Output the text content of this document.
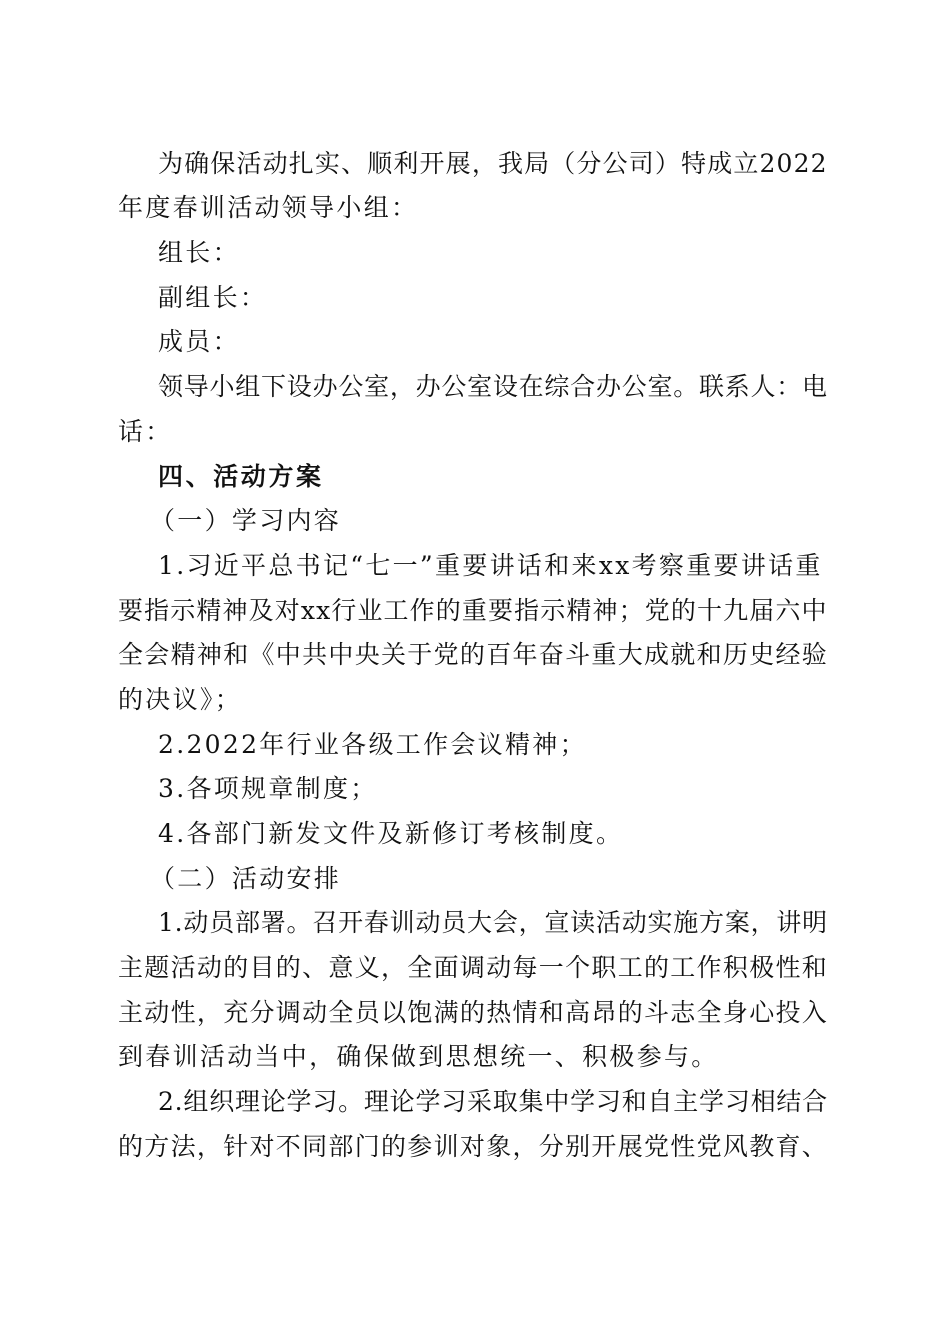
为确保活动扎实、顺利开展，我局（分公司）特成立2022
年度春训活动领导小组：
组长：
副组长：
成员：
领导小组下设办公室，办公室设在综合办公室。联系人：电
话：
四、活动方案
（一）学习内容
1.习近平总书记“七一”重要讲话和来xx考察重要讲话重
要指示精神及对xx行业工作的重要指示精神；党的十九届六中
全会精神和《中共中央关于党的百年奋斗重大成就和历史经验
的决议》；
2.2022年行业各级工作会议精神；
3.各项规章制度；
4.各部门新发文件及新修订考核制度。
（二）活动安排
1.动员部署。召开春训动员大会，宣读活动实施方案，讲明
主题活动的目的、意义，全面调动每一个职工的工作积极性和
主动性，充分调动全员以饱满的热情和高昂的斗志全身心投入
到春训活动当中，确保做到思想统一、积极参与。
2.组织理论学习。理论学习采取集中学习和自主学习相结合
的方法，针对不同部门的参训对象，分别开展党性党风教育、
